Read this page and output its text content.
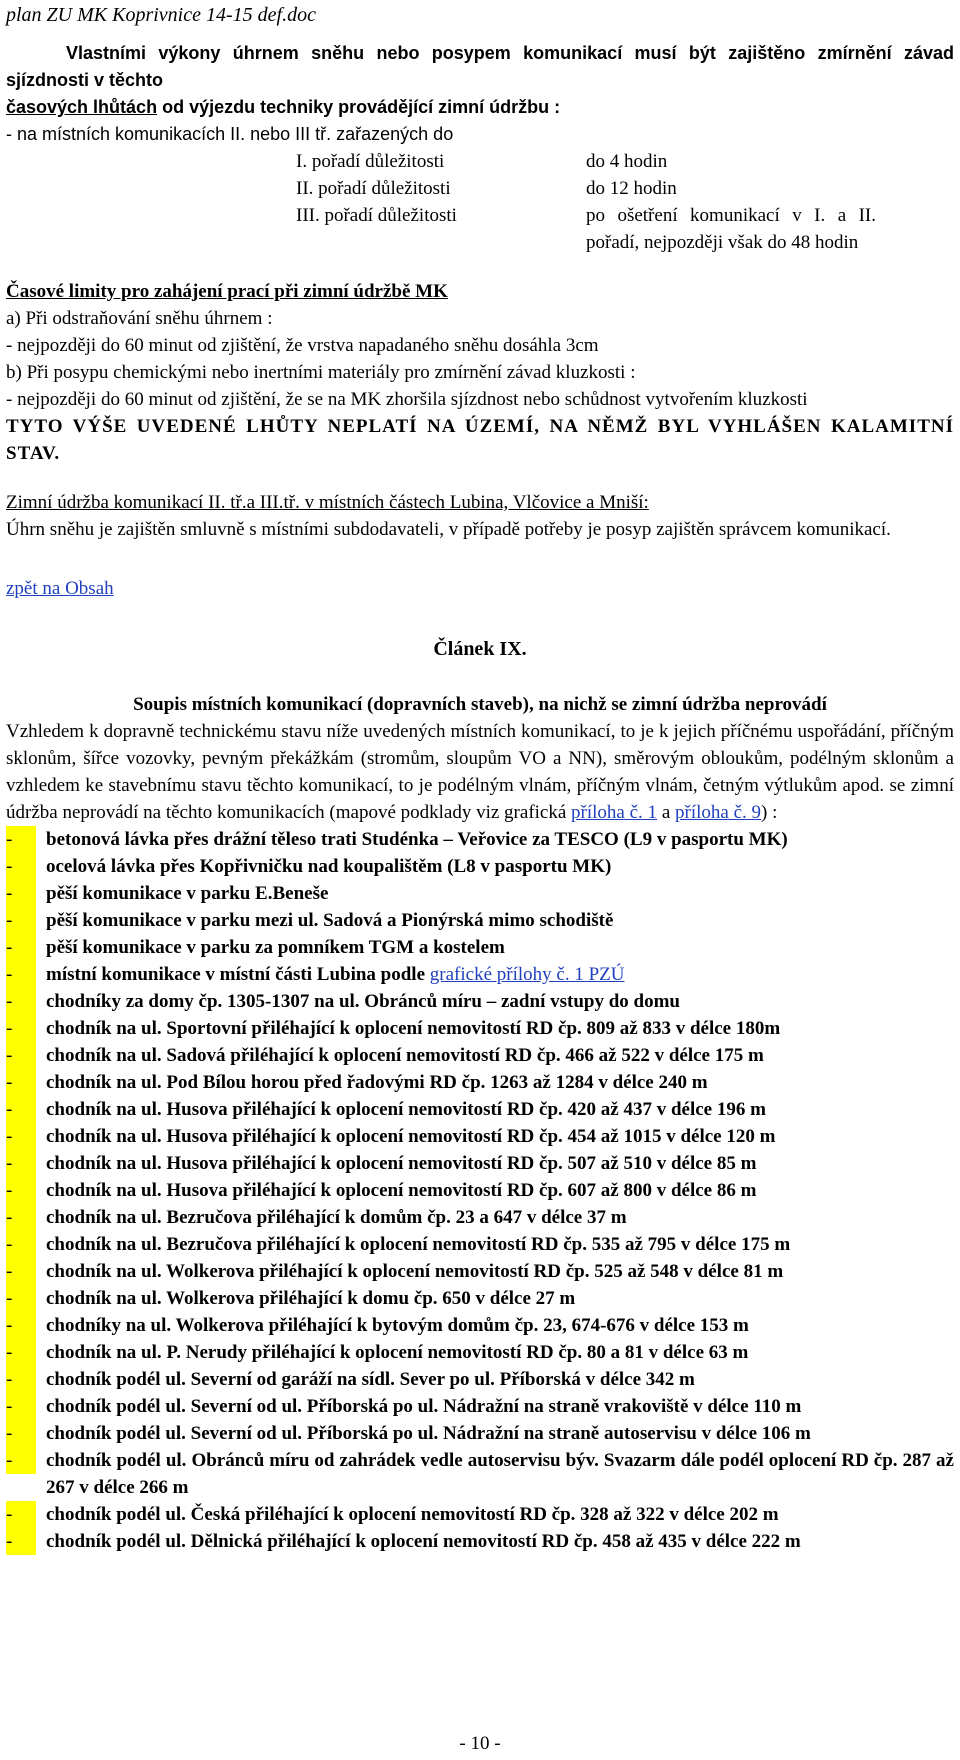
plan ZU MK Koprivnice 14-15 def.doc
Vlastními výkony úhrnem sněhu nebo posypem komunikací musí být zajištěno zmírnění závad sjízdnosti v těchto časových lhůtách od výjezdu techniky provádějící zimní údržbu :
- na místních komunikacích II. nebo III tř. zařazených do
I. pořadí důležitosti	do 4 hodin
II. pořadí důležitosti	do 12 hodin
III. pořadí důležitosti	po ošetření komunikací v I. a II. pořadí, nejpozději však do 48 hodin
Časové limity pro zahájení prací při zimní údržbě MK
a) Při odstraňování sněhu úhrnem :
- nejpozději do 60 minut od zjištění, že vrstva napadaného sněhu dosáhla 3cm
b) Při posypu chemickými nebo inertními materiály pro zmírnění závad kluzkosti :
- nejpozději do 60 minut od zjištění, že se na MK zhoršila sjízdnost nebo schůdnost vytvořením kluzkosti
TYTO VÝŠE UVEDENÉ LHŮTY NEPLATÍ NA ÚZEMÍ, NA NĚMŽ BYL VYHLÁŠEN KALAMITNÍ STAV.
Zimní údržba komunikací II. tř.a III.tř. v místních částech Lubina, Vlčovice a Mniší:
Úhrn sněhu je zajištěn smluvně s místními subdodavateli, v případě potřeby je posyp zajištěn správcem komunikací.
zpět na Obsah
Článek IX.
Soupis místních komunikací (dopravních staveb), na nichž se zimní údržba neprovádí
Vzhledem k dopravně technickému stavu níže uvedených místních komunikací, to je k jejich příčnému uspořádání, příčným sklonům, šířce vozovky, pevným překážkám (stromům, sloupům VO a NN), směrovým obloukům, podélným sklonům a vzhledem ke stavebnímu stavu těchto komunikací, to je podélným vlnám, příčným vlnám, četným výtlukům apod. se zimní údržba neprovádí na těchto komunikacích (mapové podklady viz grafická příloha č. 1 a příloha č. 9) :
-	betonová lávka přes drážní těleso trati Studénka – Veřovice za TESCO (L9 v pasportu MK)
-	ocelová lávka přes Kopřivničku nad koupalištěm (L8 v pasportu MK)
-	pěší komunikace v parku E.Beneše
-	pěší komunikace v parku mezi ul. Sadová a Pionýrská mimo schodiště
-	pěší komunikace v parku za pomníkem TGM a kostelem
-	místní komunikace v místní části Lubina podle grafické přílohy č. 1 PZÚ
-	chodníky za domy čp. 1305-1307 na ul. Obránců míru – zadní vstupy do domu
-	chodník na ul. Sportovní přiléhající k oplocení nemovitostí RD čp. 809 až 833 v délce 180m
-	chodník na ul. Sadová přiléhající k oplocení nemovitostí RD čp. 466 až 522 v délce 175 m
-	chodník na ul. Pod Bílou horou před řadovými RD čp. 1263 až 1284 v délce 240 m
-	chodník na ul. Husova přiléhající k oplocení nemovitostí RD čp. 420 až 437 v délce 196 m
-	chodník na ul. Husova přiléhající k oplocení nemovitostí RD čp. 454 až 1015 v délce 120 m
-	chodník na ul. Husova přiléhající k oplocení nemovitostí RD čp. 507 až 510 v délce 85 m
-	chodník na ul. Husova přiléhající k oplocení nemovitostí RD čp. 607 až 800 v délce 86 m
-	chodník na ul. Bezručova přiléhající k domům čp. 23 a 647 v délce 37 m
-	chodník na ul. Bezručova přiléhající k oplocení nemovitostí RD čp. 535 až 795 v délce 175 m
-	chodník na ul. Wolkerova přiléhající k oplocení nemovitostí RD čp. 525 až 548 v délce 81 m
-	chodník na ul. Wolkerova přiléhající k domu čp. 650 v délce 27 m
-	chodníky na ul. Wolkerova přiléhající k bytovým domům čp. 23, 674-676 v délce 153 m
-	chodník na ul. P. Nerudy přiléhající k oplocení nemovitostí RD čp. 80 a 81 v délce 63 m
-	chodník podél ul. Severní od garáží na sídl. Sever po ul. Příborská v délce 342 m
-	chodník podél ul. Severní od ul. Příborská po ul. Nádražní na straně vrakoviště v délce 110 m
-	chodník podél ul. Severní od ul. Příborská po ul. Nádražní na straně autoservisu v délce 106 m
-	chodník podél ul. Obránců míru od zahrádek vedle autoservisu býv. Svazarm dále podél oplocení RD čp. 287 až 267 v délce 266 m
-	chodník podél ul. Česká přiléhající k oplocení nemovitostí RD čp. 328 až 322 v délce 202 m
-	chodník podél ul. Dělnická přiléhající k oplocení nemovitostí RD čp. 458 až 435 v délce 222 m
- 10 -
